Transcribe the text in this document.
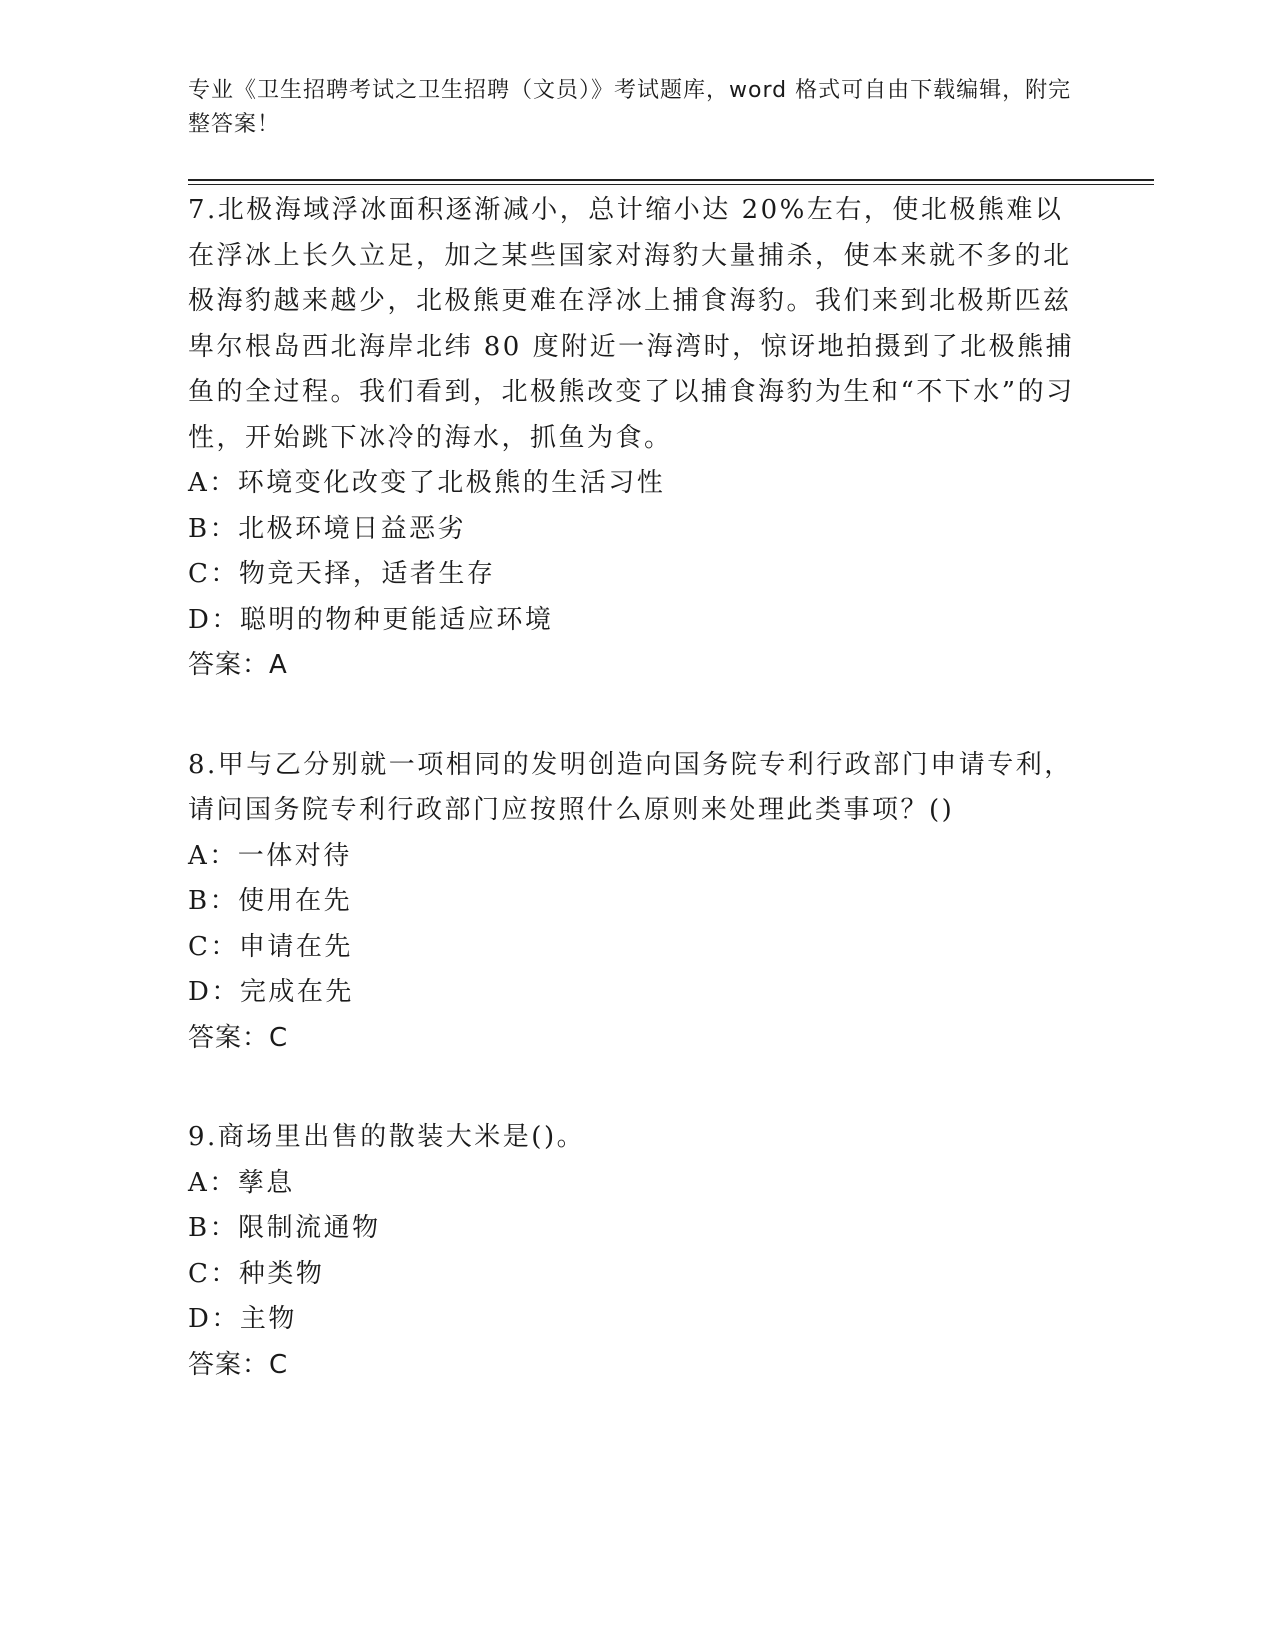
专业《卫生招聘考试之卫生招聘（文员）》考试题库，word 格式可自由下载编辑，附完整答案！

7.北极海域浮冰面积逐渐减小，总计缩小达 20%左右，使北极熊难以在浮冰上长久立足，加之某些国家对海豹大量捕杀，使本来就不多的北极海豹越来越少，北极熊更难在浮冰上捕食海豹。我们来到北极斯匹兹卑尔根岛西北海岸北纬 80 度附近一海湾时，惊讶地拍摄到了北极熊捕鱼的全过程。我们看到，北极熊改变了以捕食海豹为生和“不下水”的习性，开始跳下冰冷的海水，抓鱼为食。

A：环境变化改变了北极熊的生活习性

B：北极环境日益恶劣

C：物竞天择，适者生存

D：聪明的物种更能适应环境

答案：A

8.甲与乙分别就一项相同的发明创造向国务院专利行政部门申请专利，请问国务院专利行政部门应按照什么原则来处理此类事项？()

A：一体对待

B：使用在先

C：申请在先

D：完成在先

答案：C

9.商场里出售的散装大米是()。

A：孳息

B：限制流通物

C：种类物

D：主物

答案：C
